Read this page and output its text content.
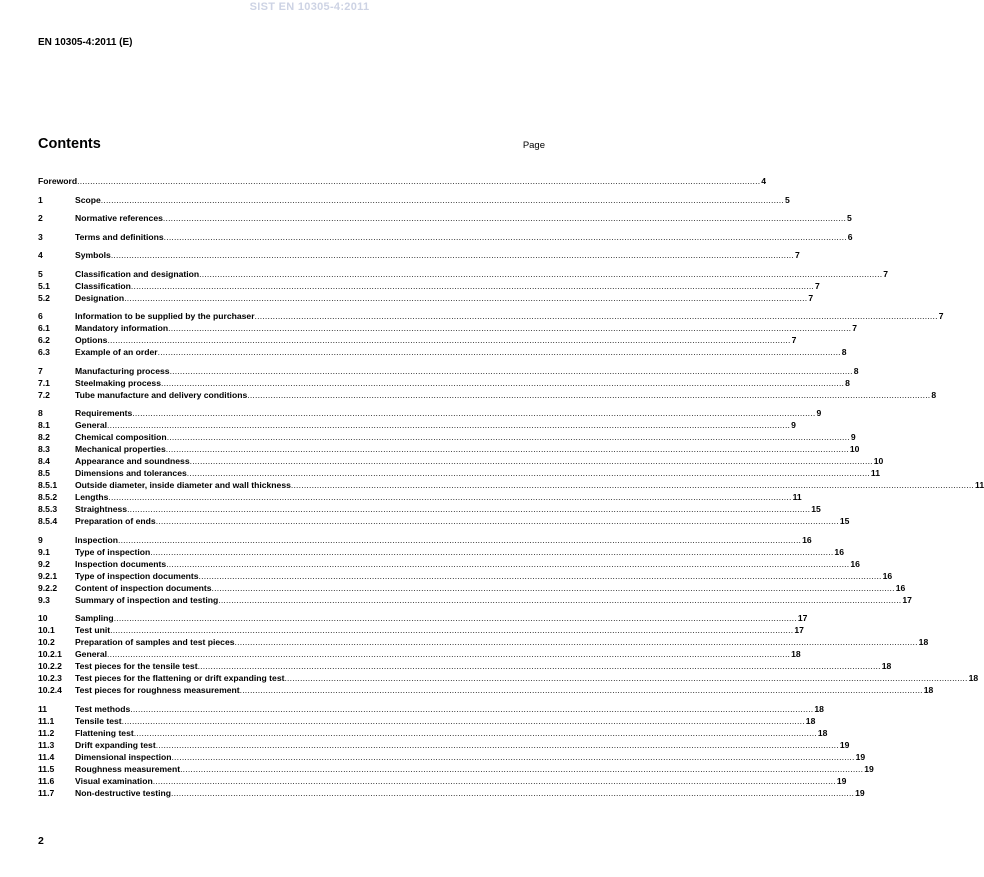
SIST EN 10305-4:2011
EN 10305-4:2011 (E)
Contents	Page
Foreword .....	4
1	Scope .....	5
2	Normative references .....	5
3	Terms and definitions .....	6
4	Symbols .....	7
5	Classification and designation .....	7
5.1	Classification .....	7
5.2	Designation .....	7
6	Information to be supplied by the purchaser .....	7
6.1	Mandatory information .....	7
6.2	Options .....	7
6.3	Example of an order .....	8
7	Manufacturing process .....	8
7.1	Steelmaking process .....	8
7.2	Tube manufacture and delivery conditions .....	8
8	Requirements .....	9
8.1	General .....	9
8.2	Chemical composition .....	9
8.3	Mechanical properties .....	10
8.4	Appearance and soundness .....	10
8.5	Dimensions and tolerances .....	11
8.5.1	Outside diameter, inside diameter and wall thickness .....	11
8.5.2	Lengths .....	11
8.5.3	Straightness .....	15
8.5.4	Preparation of ends .....	15
9	Inspection .....	16
9.1	Type of inspection .....	16
9.2	Inspection documents .....	16
9.2.1	Type of inspection documents .....	16
9.2.2	Content of inspection documents .....	16
9.3	Summary of inspection and testing .....	17
10	Sampling .....	17
10.1	Test unit .....	17
10.2	Preparation of samples and test pieces .....	18
10.2.1	General .....	18
10.2.2	Test pieces for the tensile test .....	18
10.2.3	Test pieces for the flattening or drift expanding test .....	18
10.2.4	Test pieces for roughness measurement .....	18
11	Test methods .....	18
11.1	Tensile test .....	18
11.2	Flattening test .....	18
11.3	Drift expanding test .....	19
11.4	Dimensional inspection .....	19
11.5	Roughness measurement .....	19
11.6	Visual examination .....	19
11.7	Non-destructive testing .....	19
2
